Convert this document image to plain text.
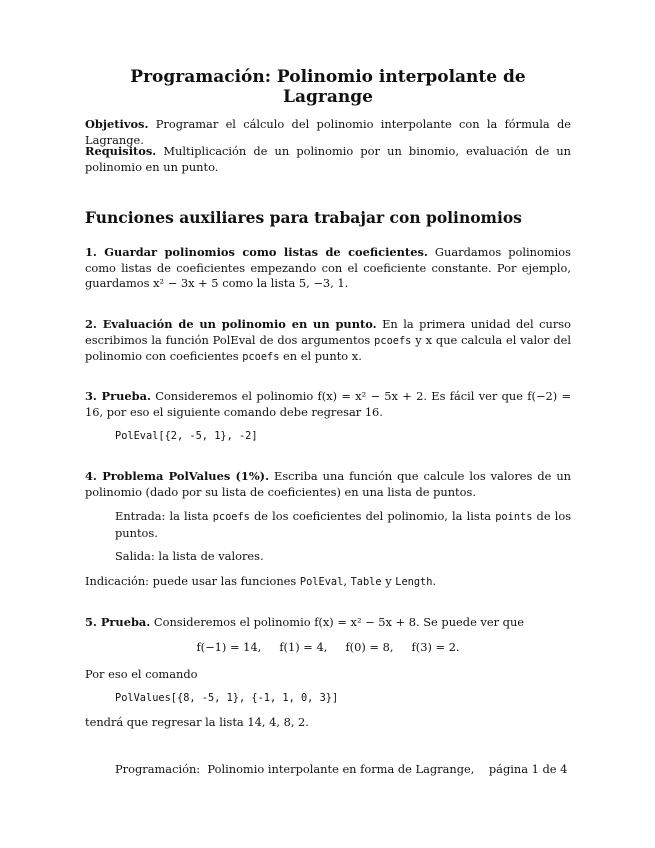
Programación: Polinomio interpolante de Lagrange

Objetivos. Programar el cálculo del polinomio interpolante con la fórmula de Lagrange.

Requisitos. Multiplicación de un polinomio por un binomio, evaluación de un polinomio en un punto.

Funciones auxiliares para trabajar con polinomios

1. Guardar polinomios como listas de coeficientes. Guardamos polinomios como listas de coeficientes empezando con el coeficiente constante. Por ejemplo, guardamos x² − 3x + 5 como la lista 5, −3, 1.

2. Evaluación de un polinomio en un punto. En la primera unidad del curso escribimos la función PolEval de dos argumentos pcoefs y x que calcula el valor del polinomio con coeficientes pcoefs en el punto x.

3. Prueba. Consideremos el polinomio f(x) = x² − 5x + 2. Es fácil ver que f(−2) = 16, por eso el siguiente comando debe regresar 16.

PolEval[{2, -5, 1}, -2]

4. Problema PolValues (1%). Escriba una función que calcule los valores de un polinomio (dado por su lista de coeficientes) en una lista de puntos.

Entrada: la lista pcoefs de los coeficientes del polinomio, la lista points de los puntos.

Salida: la lista de valores.

Indicación: puede usar las funciones PolEval, Table y Length.

5. Prueba. Consideremos el polinomio f(x) = x² − 5x + 8. Se puede ver que

f(−1) = 14,     f(1) = 4,     f(0) = 8,     f(3) = 2.

Por eso el comando

PolValues[{8, -5, 1}, {-1, 1, 0, 3}]

tendrá que regresar la lista 14, 4, 8, 2.

Programación:  Polinomio interpolante en forma de Lagrange,    página 1 de 4
